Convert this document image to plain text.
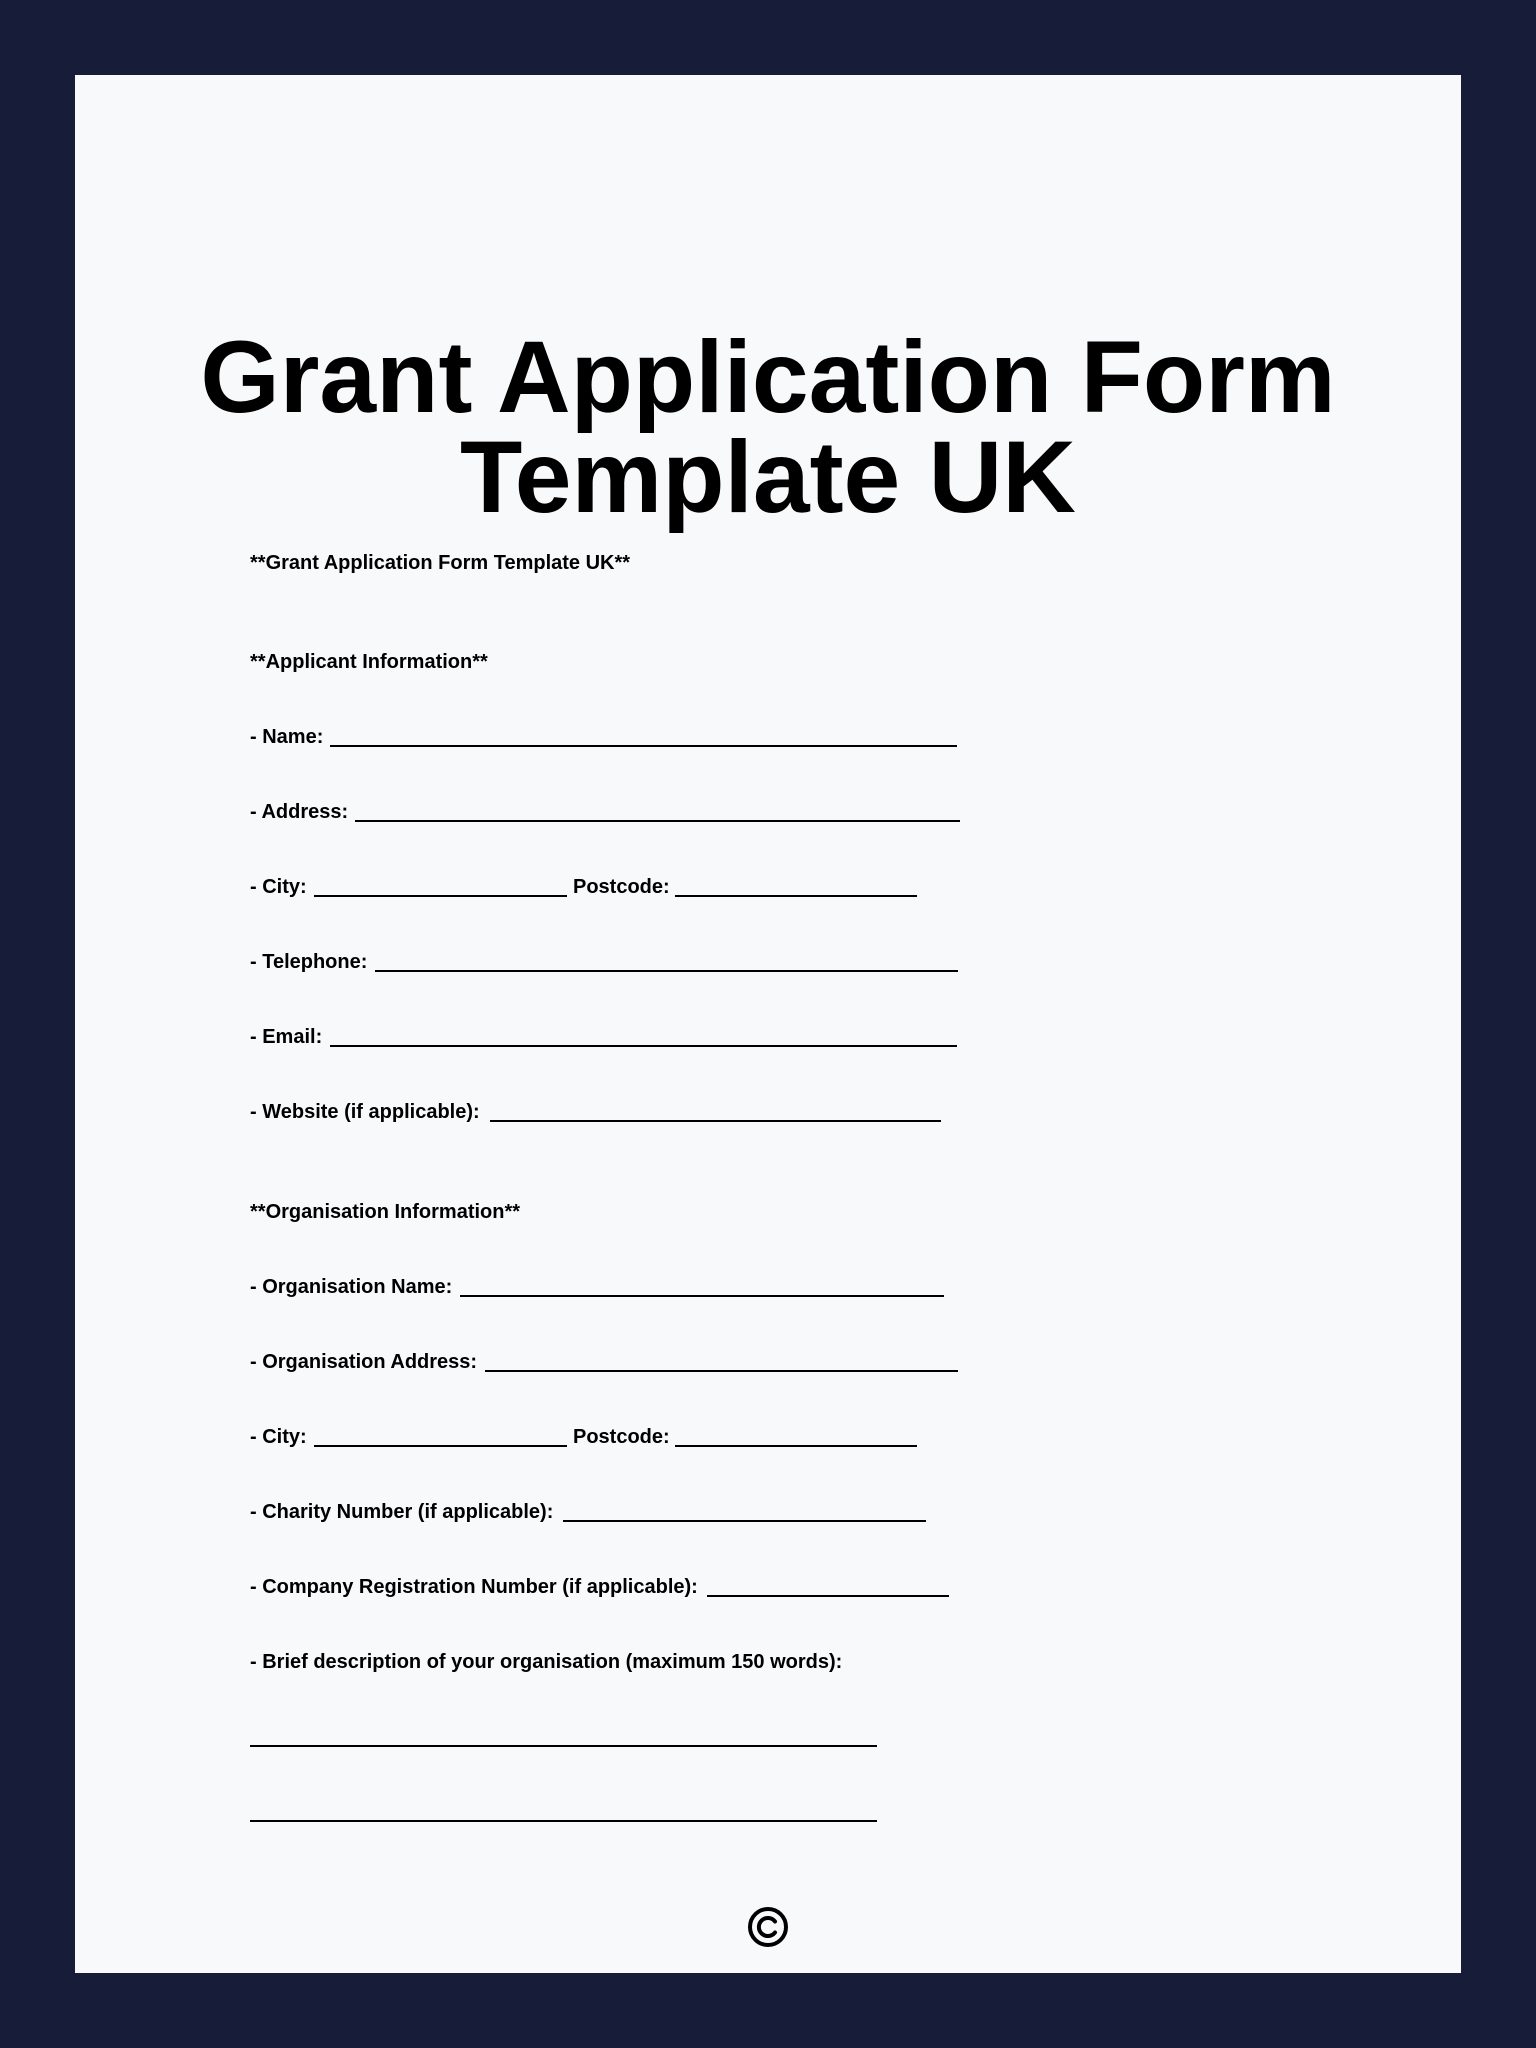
Grant Application Form Template UK

**Grant Application Form Template UK**

**Applicant Information**

- Name:

- Address:

- City:	Postcode:

- Telephone:

- Email:

- Website (if applicable):

**Organisation Information**

- Organisation Name:

- Organisation Address:

- City:	Postcode:

- Charity Number (if applicable):

- Company Registration Number (if applicable):

- Brief description of your organisation (maximum 150 words):
